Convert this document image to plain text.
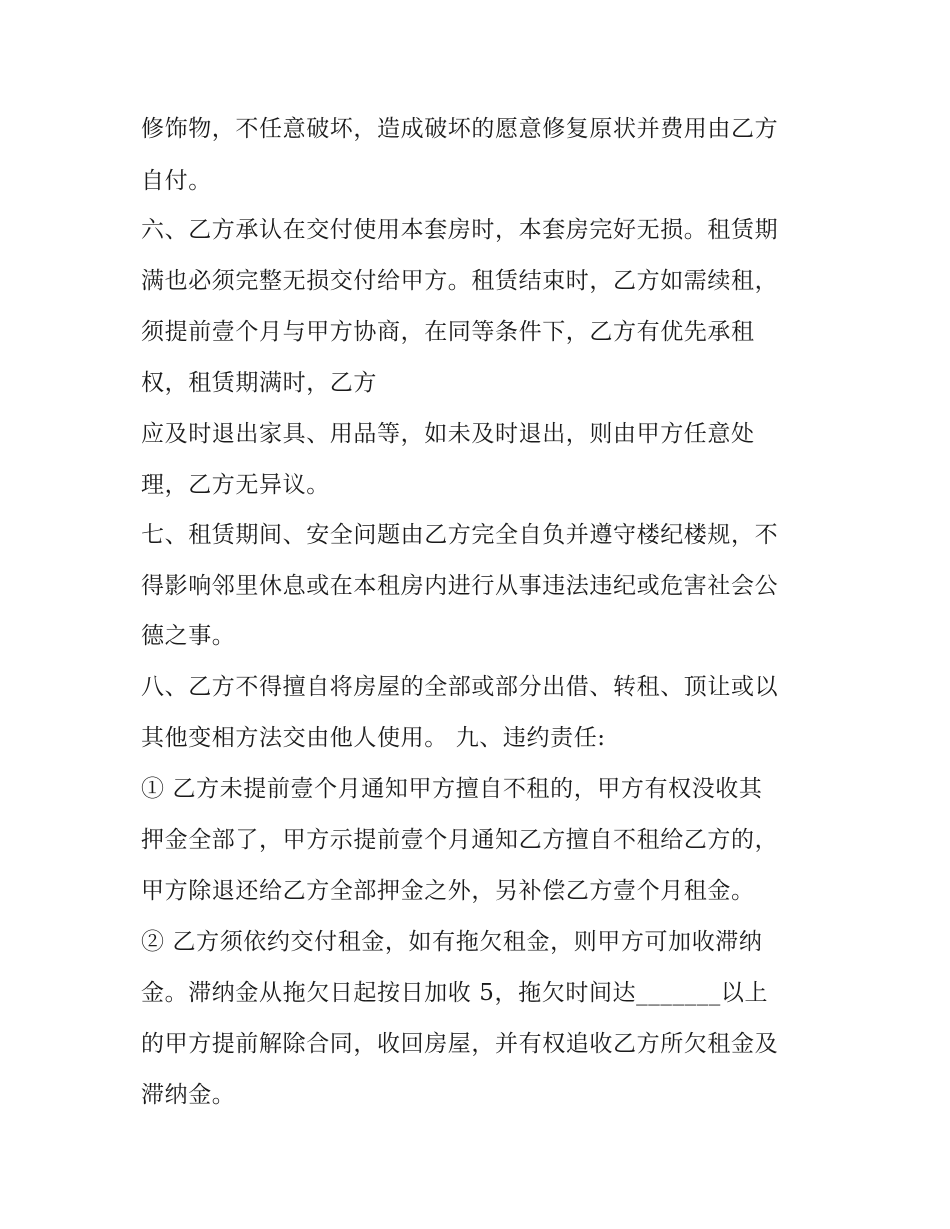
修饰物，不任意破坏，造成破坏的愿意修复原状并费用由乙方
自付。
六、乙方承认在交付使用本套房时，本套房完好无损。租赁期
满也必须完整无损交付给甲方。租赁结束时，乙方如需续租，
须提前壹个月与甲方协商，在同等条件下，乙方有优先承租
权，租赁期满时，乙方
应及时退出家具、用品等，如未及时退出，则由甲方任意处
理，乙方无异议。
七、租赁期间、安全问题由乙方完全自负并遵守楼纪楼规，不
得影响邻里休息或在本租房内进行从事违法违纪或危害社会公
德之事。
八、乙方不得擅自将房屋的全部或部分出借、转租、顶让或以
其他变相方法交由他人使用。 九、违约责任:
① 乙方未提前壹个月通知甲方擅自不租的，甲方有权没收其
押金全部了，甲方示提前壹个月通知乙方擅自不租给乙方的，
甲方除退还给乙方全部押金之外，另补偿乙方壹个月租金。
② 乙方须依约交付租金，如有拖欠租金，则甲方可加收滞纳
金。滞纳金从拖欠日起按日加收 5，拖欠时间达_______以上
的甲方提前解除合同，收回房屋，并有权追收乙方所欠租金及
滞纳金。
